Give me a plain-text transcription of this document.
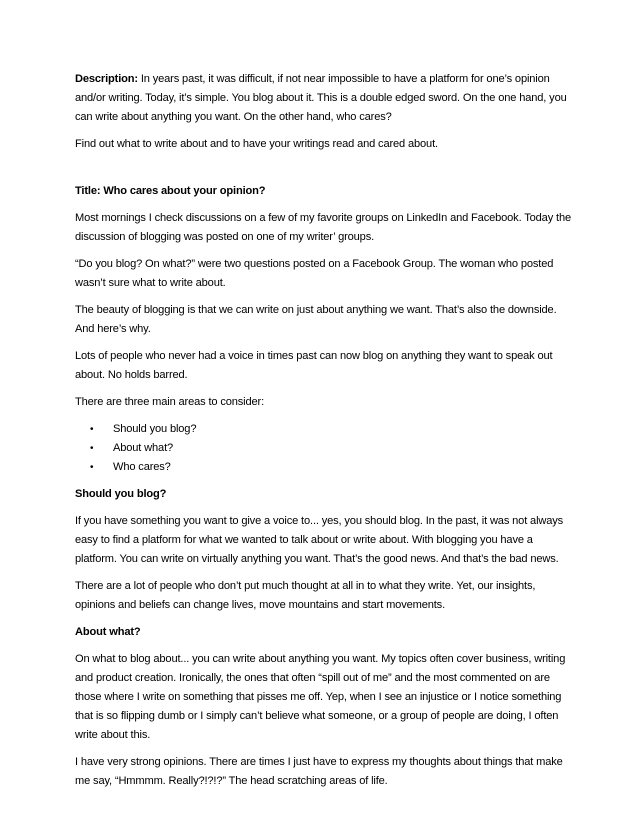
Description: In years past, it was difficult, if not near impossible to have a platform for one’s opinion and/or writing. Today, it’s simple. You blog about it. This is a double edged sword. On the one hand, you can write about anything you want. On the other hand, who cares?

Find out what to write about and to have your writings read and cared about.

Title: Who cares about your opinion?

Most mornings I check discussions on a few of my favorite groups on LinkedIn and Facebook. Today the discussion of blogging was posted on one of my writer’ groups.

“Do you blog? On what?” were two questions posted on a Facebook Group. The woman who posted wasn’t sure what to write about.

The beauty of blogging is that we can write on just about anything we want. That’s also the downside. And here’s why.

Lots of people who never had a voice in times past can now blog on anything they want to speak out about. No holds barred.

There are three main areas to consider:

• Should you blog?
• About what?
• Who cares?

Should you blog?

If you have something you want to give a voice to... yes, you should blog. In the past, it was not always easy to find a platform for what we wanted to talk about or write about. With blogging you have a platform. You can write on virtually anything you want. That’s the good news. And that’s the bad news.

There are a lot of people who don’t put much thought at all in to what they write. Yet, our insights, opinions and beliefs can change lives, move mountains and start movements.

About what?

On what to blog about... you can write about anything you want. My topics often cover business, writing and product creation. Ironically, the ones that often “spill out of me” and the most commented on are those where I write on something that pisses me off. Yep, when I see an injustice or I notice something that is so flipping dumb or I simply can’t believe what someone, or a group of people are doing, I often write about this.

I have very strong opinions. There are times I just have to express my thoughts about things that make me say, “Hmmmm. Really?!?!?” The head scratching areas of life.
